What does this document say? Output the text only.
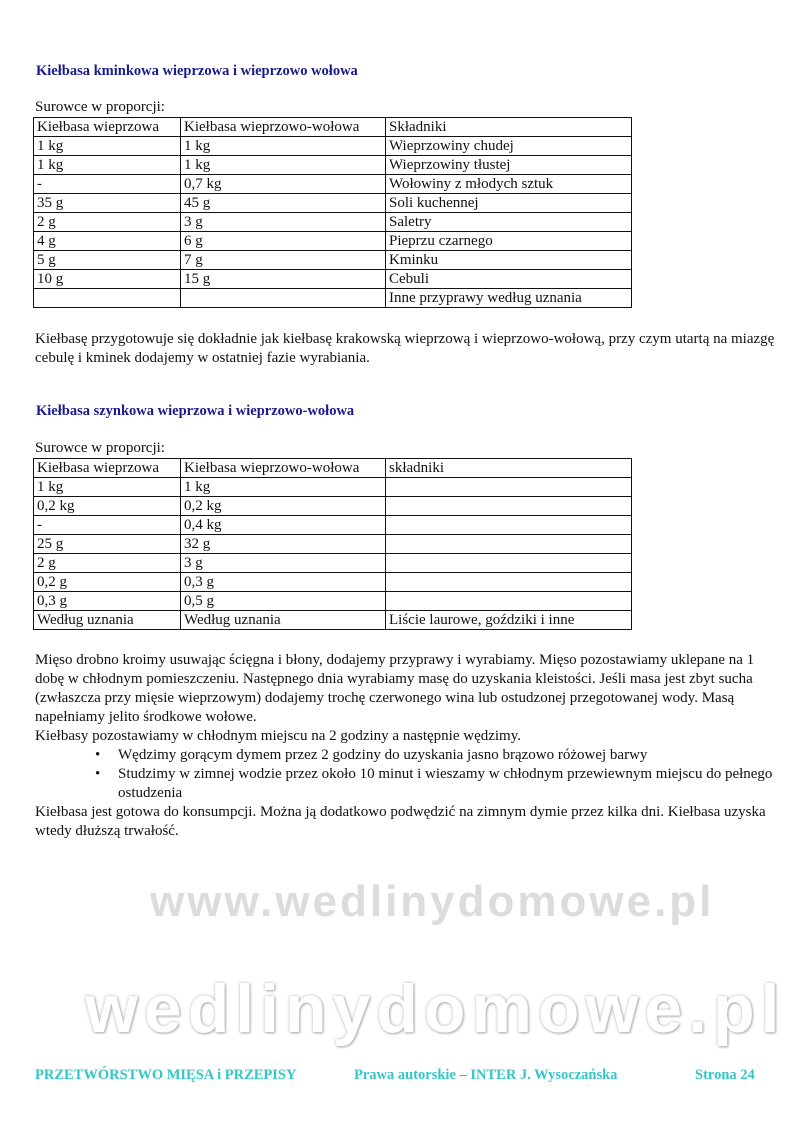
Kiełbasa kminkowa wieprzowa i wieprzowo wołowa
Surowce w proporcji:
Kiełbasa wieprzowa	Kiełbasa wieprzowo-wołowa	Składniki
1 kg	1 kg	Wieprzowiny chudej
1 kg	1 kg	Wieprzowiny tłustej
-	0,7 kg	Wołowiny z młodych sztuk
35 g	45 g	Soli kuchennej
2 g	3 g	Saletry
4 g	6 g	Pieprzu czarnego
5 g	7 g	Kminku
10 g	15 g	Cebuli
		Inne przyprawy według uznania
Kiełbasę przygotowuje się dokładnie jak kiełbasę krakowską wieprzową i wieprzowo-wołową, przy czym utartą na miazgę cebulę i kminek dodajemy w ostatniej fazie wyrabiania.
Kiełbasa szynkowa wieprzowa i wieprzowo-wołowa
Surowce w proporcji:
Kiełbasa wieprzowa	Kiełbasa wieprzowo-wołowa	składniki
1 kg	1 kg	
0,2 kg	0,2 kg	
-	0,4 kg	
25 g	32 g	
2 g	3 g	
0,2 g	0,3 g	
0,3 g	0,5 g	
Według uznania	Według uznania	Liście laurowe, goździki i inne

Mięso drobno kroimy usuwając ścięgna i błony, dodajemy przyprawy i wyrabiamy. Mięso pozostawiamy uklepane na 1 dobę w chłodnym pomieszczeniu. Następnego dnia wyrabiamy masę do uzyskania kleistości. Jeśli masa jest zbyt sucha (zwłaszcza przy mięsie wieprzowym) dodajemy trochę czerwonego wina lub ostudzonej przegotowanej wody. Masą napełniamy jelito środkowe wołowe.

Kiełbasy pozostawiamy w chłodnym miejscu na 2 godziny a następnie wędzimy.

• Wędzimy gorącym dymem przez 2 godziny do uzyskania jasno brązowo różowej barwy
• Studzimy w zimnej wodzie przez około 10 minut i wieszamy w chłodnym przewiewnym miejscu do pełnego ostudzenia

Kiełbasa jest gotowa do konsumpcji. Można ją dodatkowo podwędzić na zimnym dymie przez kilka dni. Kiełbasa uzyska wtedy dłuższą trwałość.

www.wedlinydomowe.pl
wedlinydomowe.pl
PRZETWÓRSTWO MIĘSA i PRZEPISY	Prawa autorskie – INTER J. Wysoczańska	Strona 24
